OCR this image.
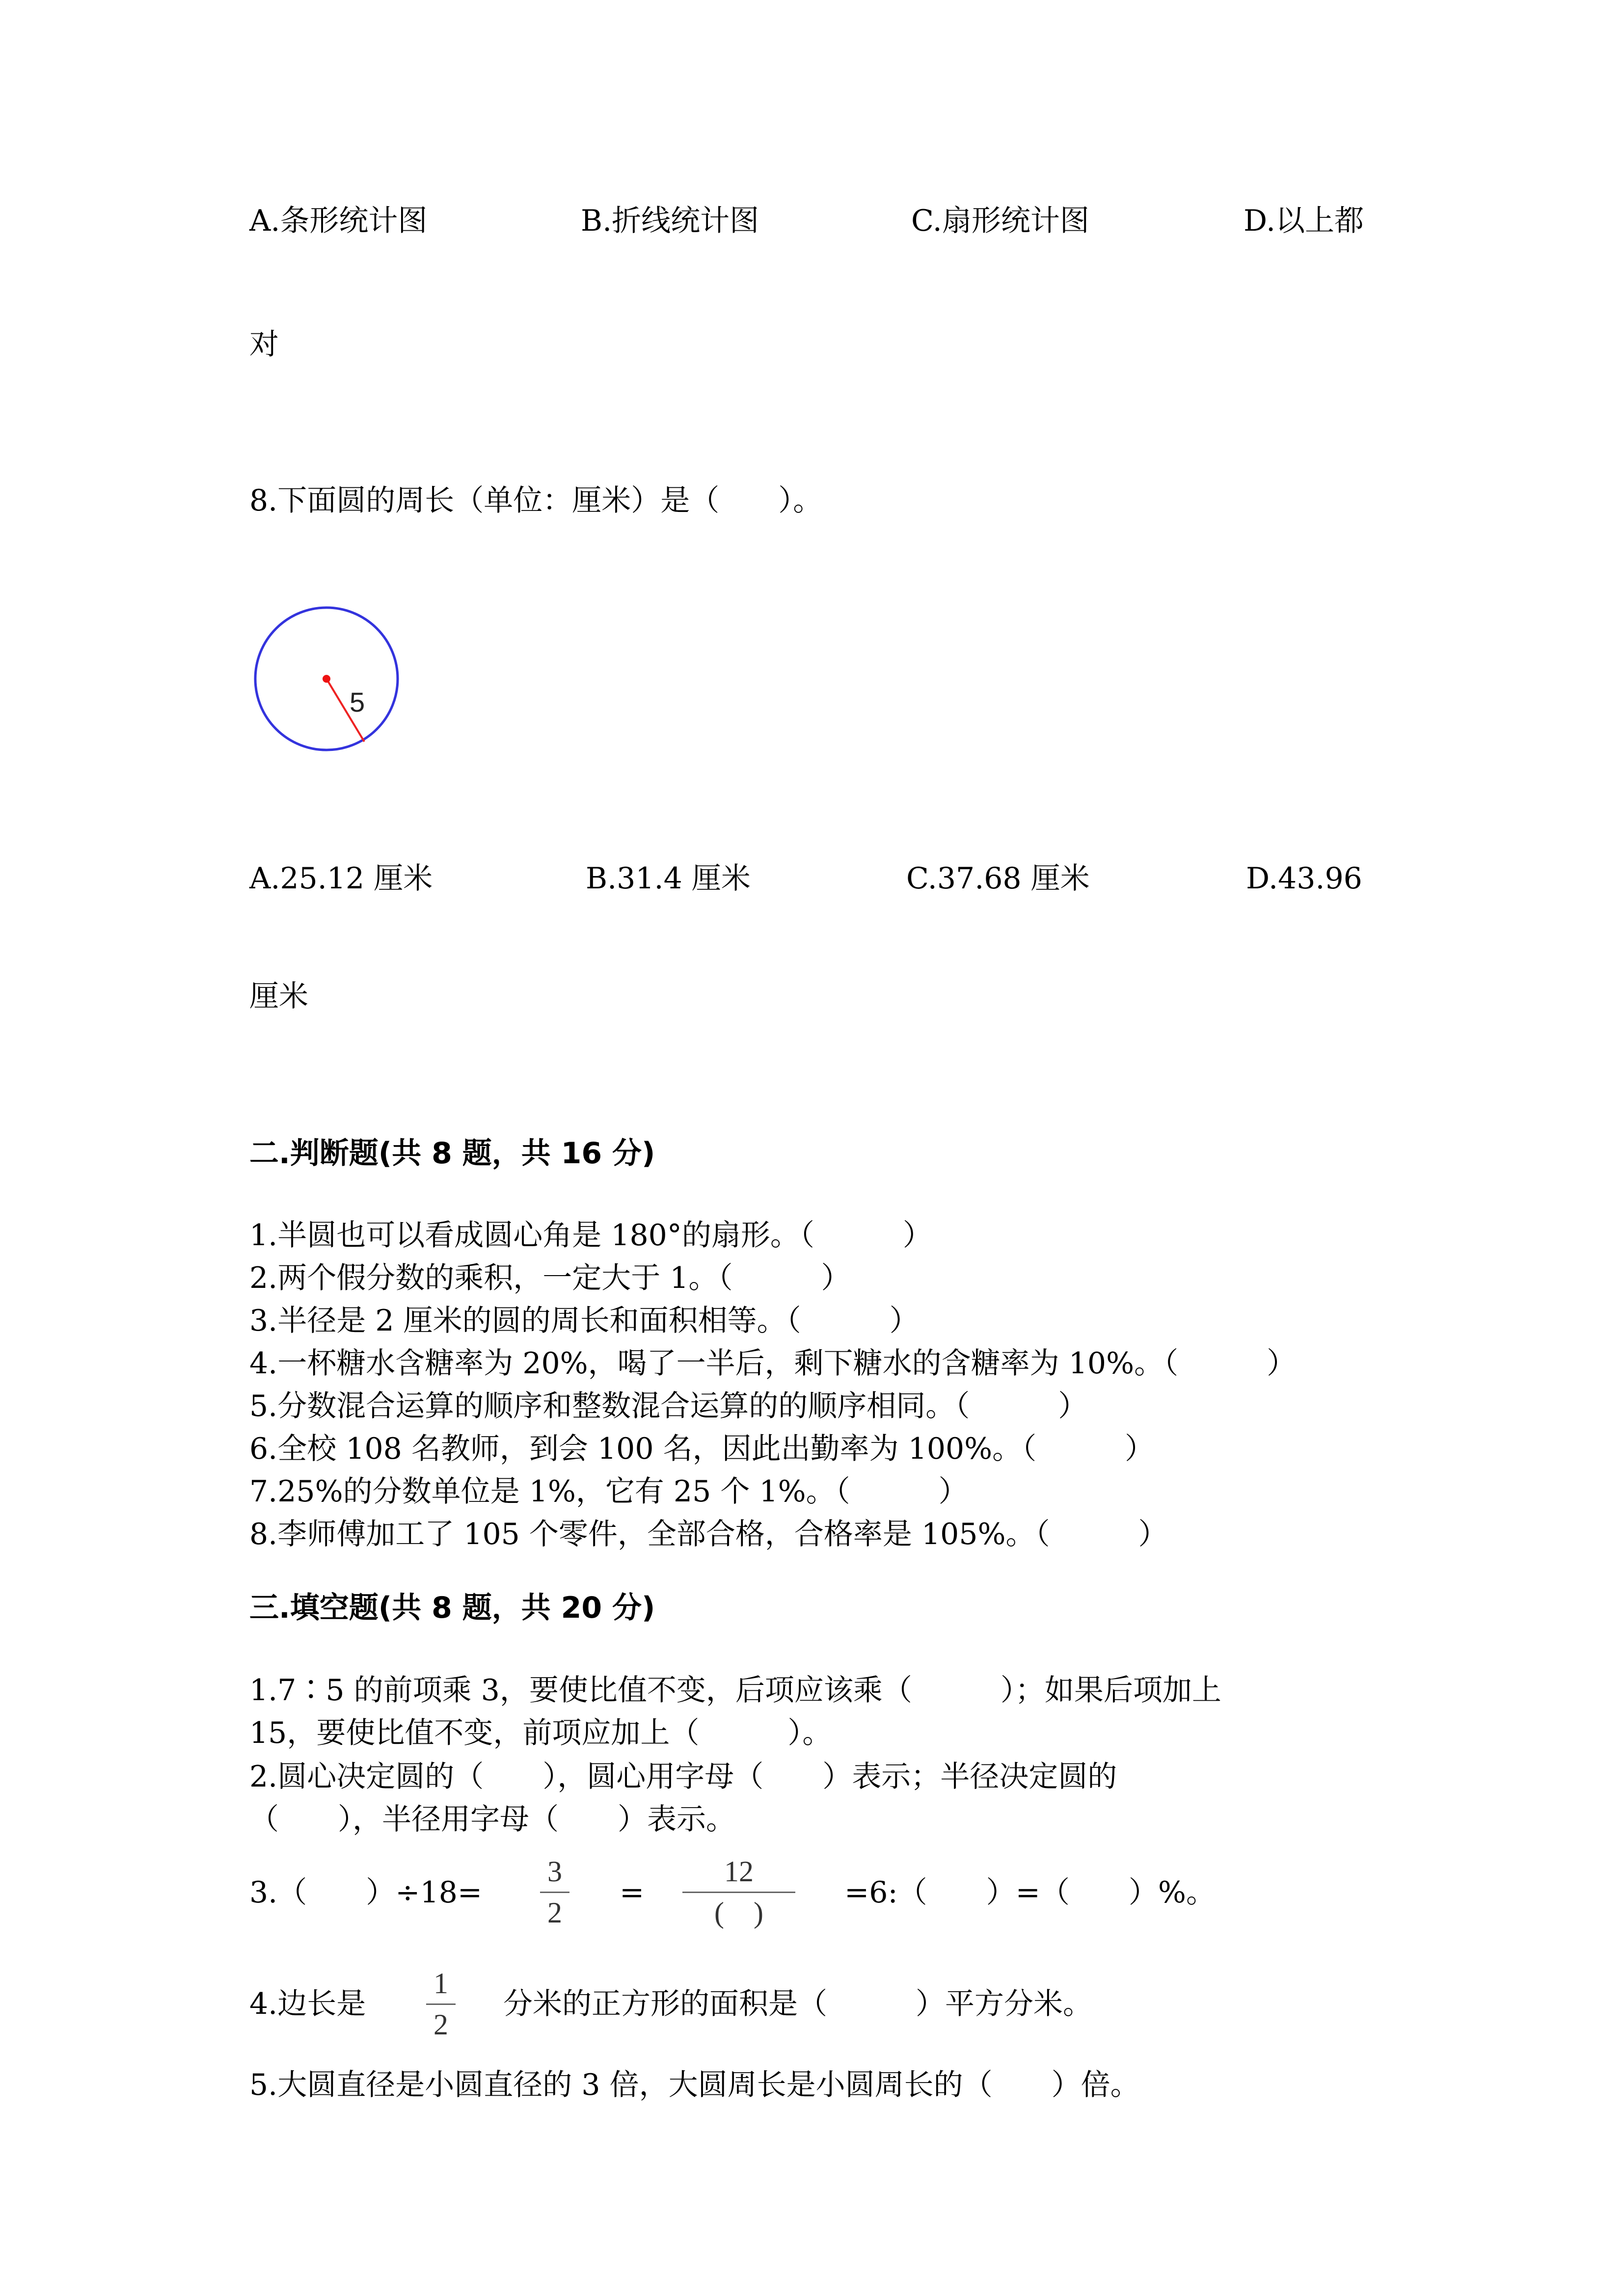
A.条形统计图	B.折线统计图	C.扇形统计图	D.以上都
对
8.下面圆的周长（单位：厘米）是（　　）。
5
A.25.12 厘米	B.31.4 厘米	C.37.68 厘米	D.43.96
厘米
二.判断题(共 8 题，共 16 分)
1.半圆也可以看成圆心角是 180°的扇形。（　　　）
2.两个假分数的乘积，一定大于 1。（　　　）
3.半径是 2 厘米的圆的周长和面积相等。（　　　）
4.一杯糖水含糖率为 20%，喝了一半后，剩下糖水的含糖率为 10%。（　　　）
5.分数混合运算的顺序和整数混合运算的的顺序相同。（　　　）
6.全校 108 名教师，到会 100 名，因此出勤率为 100%。（　　　）
7.25%的分数单位是 1%，它有 25 个 1%。（　　　）
8.李师傅加工了 105 个零件，全部合格，合格率是 105%。（　　　）
三.填空题(共 8 题，共 20 分)
1.7∶5 的前项乘 3，要使比值不变，后项应该乘（　　　）；如果后项加上
15，要使比值不变，前项应加上（　　　）。
2.圆心决定圆的（　　），圆心用字母（　　）表示；半径决定圆的
（　　），半径用字母（　　）表示。
3.（　　）÷18=
3
2
=
12
(　)
=6:（　　）=（　　）%。
4.边长是
1
2
分米的正方形的面积是（　　　）平方分米。
5.大圆直径是小圆直径的 3 倍，大圆周长是小圆周长的（　　）倍。
